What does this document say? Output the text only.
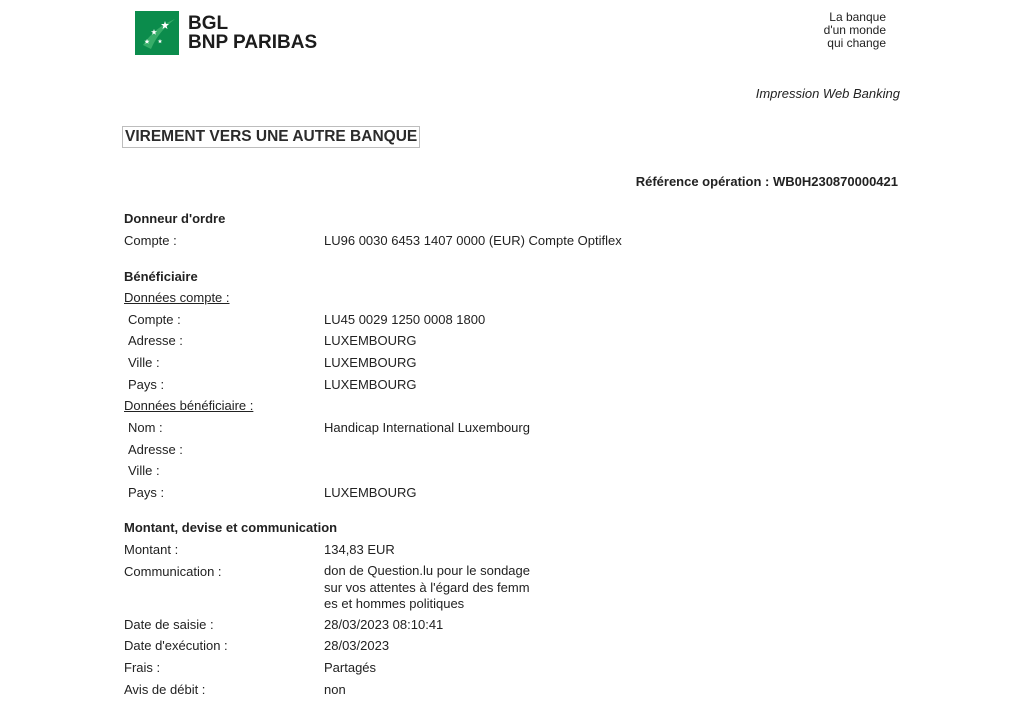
BGL
BNP PARIBAS
La banque
d'un monde
qui change
Impression Web Banking
VIREMENT VERS UNE AUTRE BANQUE
Référence opération : WB0H230870000421
Donneur d'ordre
Compte :	LU96 0030 6453 1407 0000 (EUR) Compte Optiflex
Bénéficiaire
Données compte :
Compte :	LU45 0029 1250 0008 1800
Adresse :	LUXEMBOURG
Ville :	LUXEMBOURG
Pays :	LUXEMBOURG
Données bénéficiaire :
Nom :	Handicap International Luxembourg
Adresse :
Ville :
Pays :	LUXEMBOURG
Montant, devise et communication
Montant :	134,83 EUR
Communication :	don de Question.lu pour le sondage
sur vos attentes à l'égard des femm
es et hommes politiques
Date de saisie :	28/03/2023 08:10:41
Date d'exécution :	28/03/2023
Frais :	Partagés
Avis de débit :	non
